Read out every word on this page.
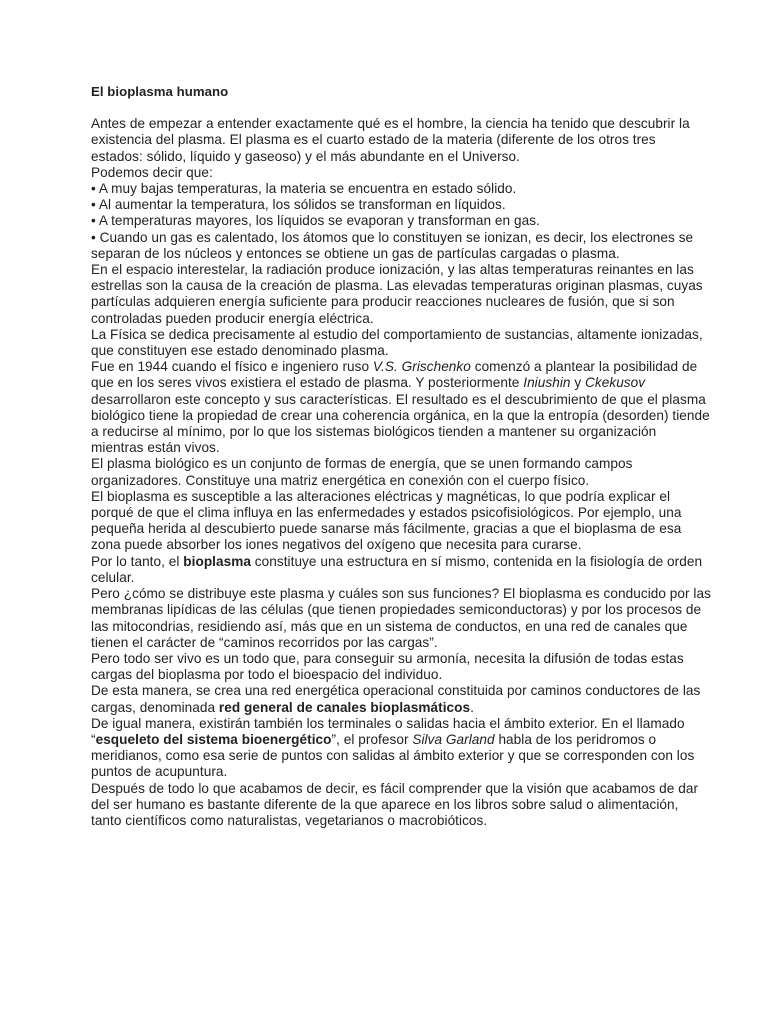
El bioplasma humano
Antes de empezar a entender exactamente qué es el hombre, la ciencia ha tenido que descubrir la existencia del plasma. El plasma es el cuarto estado de la materia (diferente de los otros tres estados: sólido, líquido y gaseoso) y el más abundante en el Universo.
Podemos decir que:
• A muy bajas temperaturas, la materia se encuentra en estado sólido.
• Al aumentar la temperatura, los sólidos se transforman en líquidos.
• A temperaturas mayores, los líquidos se evaporan y transforman en gas.
• Cuando un gas es calentado, los átomos que lo constituyen se ionizan, es decir, los electrones se separan de los núcleos y entonces se obtiene un gas de partículas cargadas o plasma.
En el espacio interestelar, la radiación produce ionización, y las altas temperaturas reinantes en las estrellas son la causa de la creación de plasma. Las elevadas temperaturas originan plasmas, cuyas partículas adquieren energía suficiente para producir reacciones nucleares de fusión, que si son controladas pueden producir energía eléctrica.
La Física se dedica precisamente al estudio del comportamiento de sustancias, altamente ionizadas, que constituyen ese estado denominado plasma.
Fue en 1944 cuando el físico e ingeniero ruso V.S. Grischenko comenzó a plantear la posibilidad de que en los seres vivos existiera el estado de plasma. Y posteriormente Iniushin y Ckekusov desarrollaron este concepto y sus características. El resultado es el descubrimiento de que el plasma biológico tiene la propiedad de crear una coherencia orgánica, en la que la entropía (desorden) tiende a reducirse al mínimo, por lo que los sistemas biológicos tienden a mantener su organización mientras están vivos.
El plasma biológico es un conjunto de formas de energía, que se unen formando campos organizadores. Constituye una matriz energética en conexión con el cuerpo físico.
El bioplasma es susceptible a las alteraciones eléctricas y magnéticas, lo que podría explicar el porqué de que el clima influya en las enfermedades y estados psicofisiológicos. Por ejemplo, una pequeña herida al descubierto puede sanarse más fácilmente, gracias a que el bioplasma de esa zona puede absorber los iones negativos del oxígeno que necesita para curarse.
Por lo tanto, el bioplasma constituye una estructura en sí mismo, contenida en la fisiología de orden celular.
Pero ¿cómo se distribuye este plasma y cuáles son sus funciones? El bioplasma es conducido por las membranas lipídicas de las células (que tienen propiedades semiconductoras) y por los procesos de las mitocondrias, residiendo así, más que en un sistema de conductos, en una red de canales que tienen el carácter de “caminos recorridos por las cargas”.
Pero todo ser vivo es un todo que, para conseguir su armonía, necesita la difusión de todas estas cargas del bioplasma por todo el bioespacio del individuo.
De esta manera, se crea una red energética operacional constituida por caminos conductores de las cargas, denominada red general de canales bioplasmáticos.
De igual manera, existirán también los terminales o salidas hacia el ámbito exterior. En el llamado “esqueleto del sistema bioenergético”, el profesor Silva Garland habla de los peridromos o meridianos, como esa serie de puntos con salidas al ámbito exterior y que se corresponden con los puntos de acupuntura.
Después de todo lo que acabamos de decir, es fácil comprender que la visión que acabamos de dar del ser humano es bastante diferente de la que aparece en los libros sobre salud o alimentación, tanto científicos como naturalistas, vegetarianos o macrobióticos.
